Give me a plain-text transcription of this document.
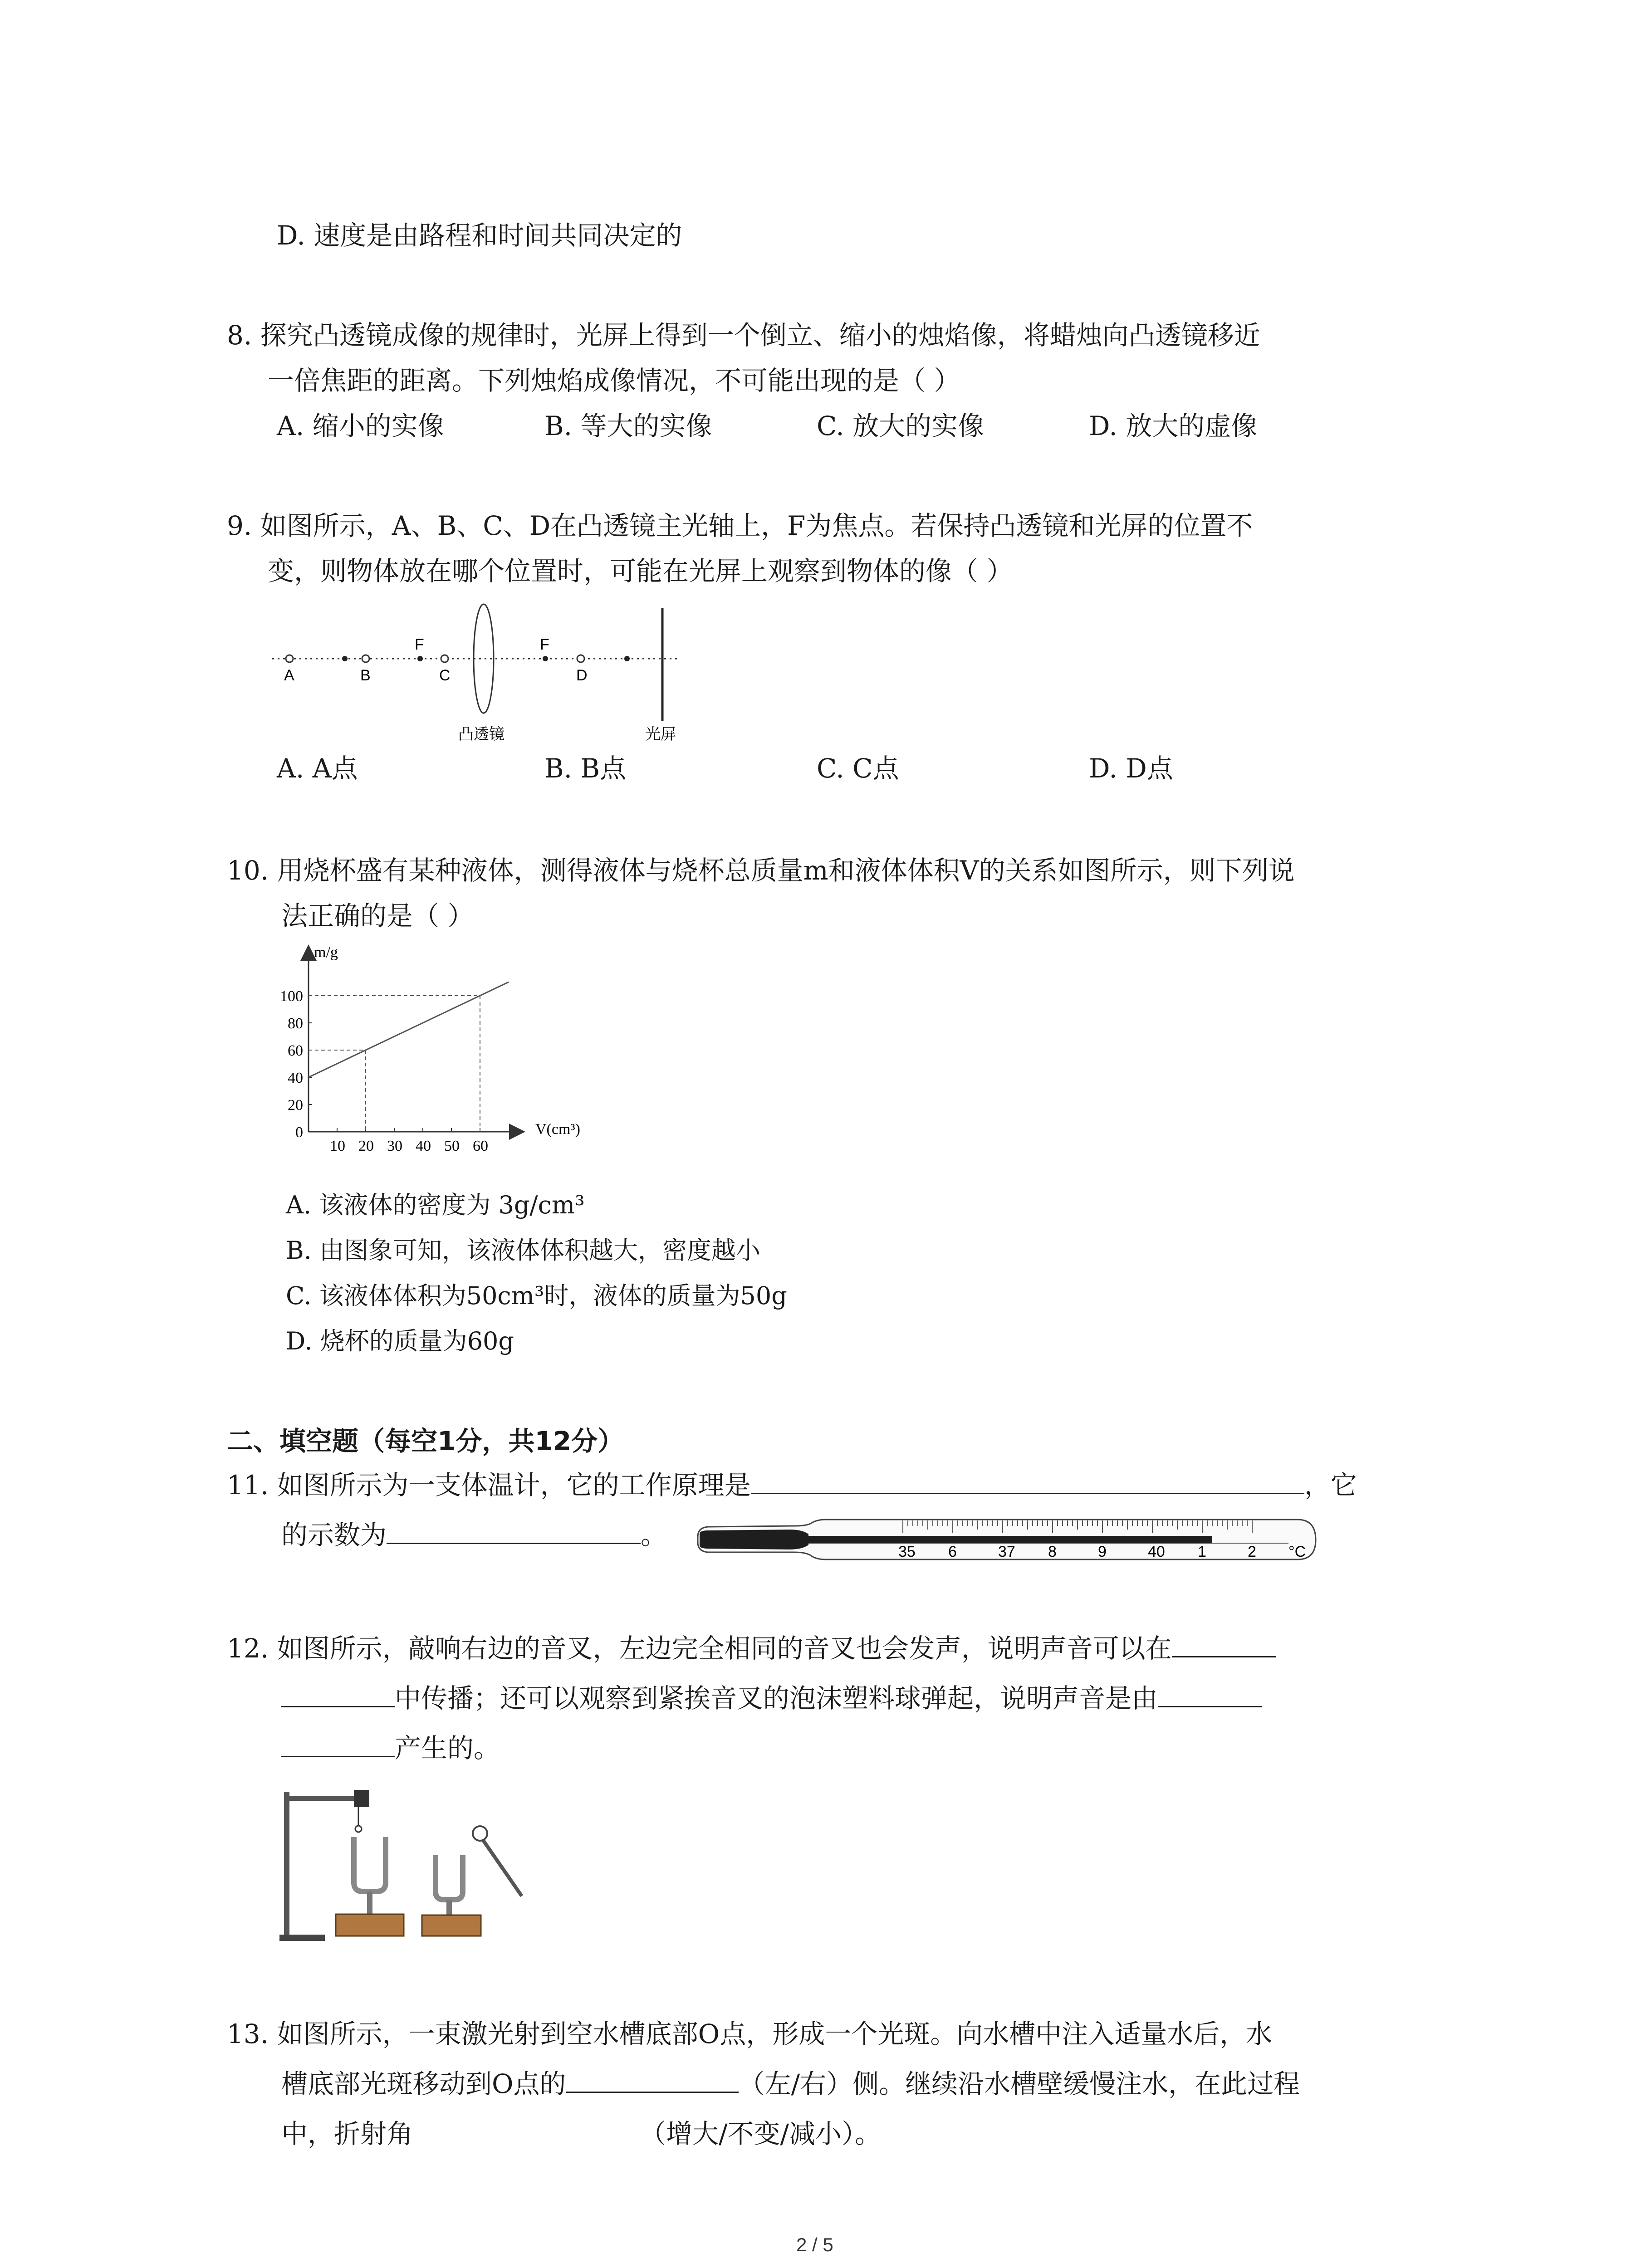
D. 速度是由路程和时间共同决定的
8. 探究凸透镜成像的规律时，光屏上得到一个倒立、缩小的烛焰像，将蜡烛向凸透镜移近
一倍焦距的距离。下列烛焰成像情况，不可能出现的是（ ）
A. 缩小的实像	B. 等大的实像	C. 放大的实像	D. 放大的虚像
9. 如图所示，A、B、C、D在凸透镜主光轴上，F为焦点。若保持凸透镜和光屏的位置不
变，则物体放在哪个位置时，可能在光屏上观察到物体的像（ ）
A	B	C	D
F	F
凸透镜	光屏
A. A点	B. B点	C. C点	D. D点
10. 用烧杯盛有某种液体，测得液体与烧杯总质量m和液体体积V的关系如图所示，则下列说
法正确的是（ ）
m/g
V(cm³)
10 20 30 40 50 60
0
20
40
60
80
100
A. 该液体的密度为 3g/cm³
B. 由图象可知，该液体体积越大，密度越小
C. 该液体体积为50cm³时，液体的质量为50g
D. 烧杯的质量为60g
二、填空题（每空1分，共12分）
11. 如图所示为一支体温计，它的工作原理是	，它
的示数为	。
35 6	37 8	9	40 1	2 °C
12. 如图所示，敲响右边的音叉，左边完全相同的音叉也会发声，说明声音可以在
中传播；还可以观察到紧挨音叉的泡沫塑料球弹起，说明声音是由
产生的。
13. 如图所示，一束激光射到空水槽底部O点，形成一个光斑。向水槽中注入适量水后，水
槽底部光斑移动到O点的	（左/右）侧。继续沿水槽壁缓慢注水，在此过程
中，折射角	（增大/不变/减小）。
2 / 5
